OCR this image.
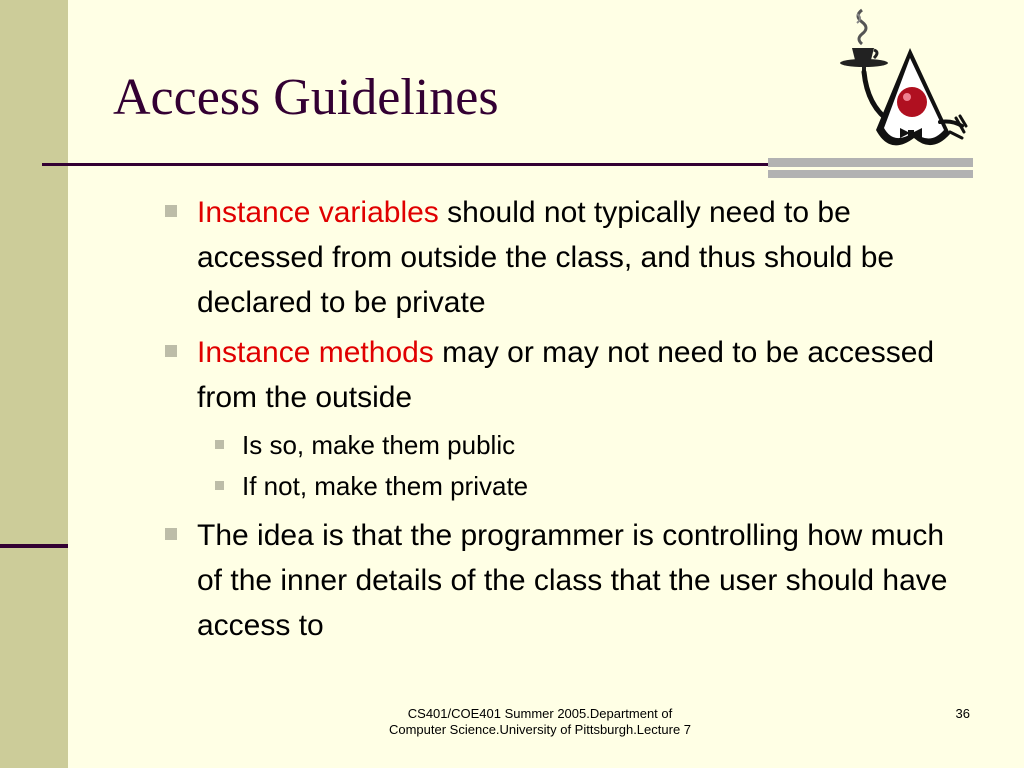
Access Guidelines
Instance variables should not typically need to be accessed from outside the class, and thus should be declared to be private
Instance methods may or may not need to be accessed from the outside
Is so, make them public
If not, make them private
The idea is that the programmer is controlling how much of the inner details of the class that the user should have access to
CS401/COE401 Summer 2005.Department of Computer Science.University of Pittsburgh.Lecture 7
36
